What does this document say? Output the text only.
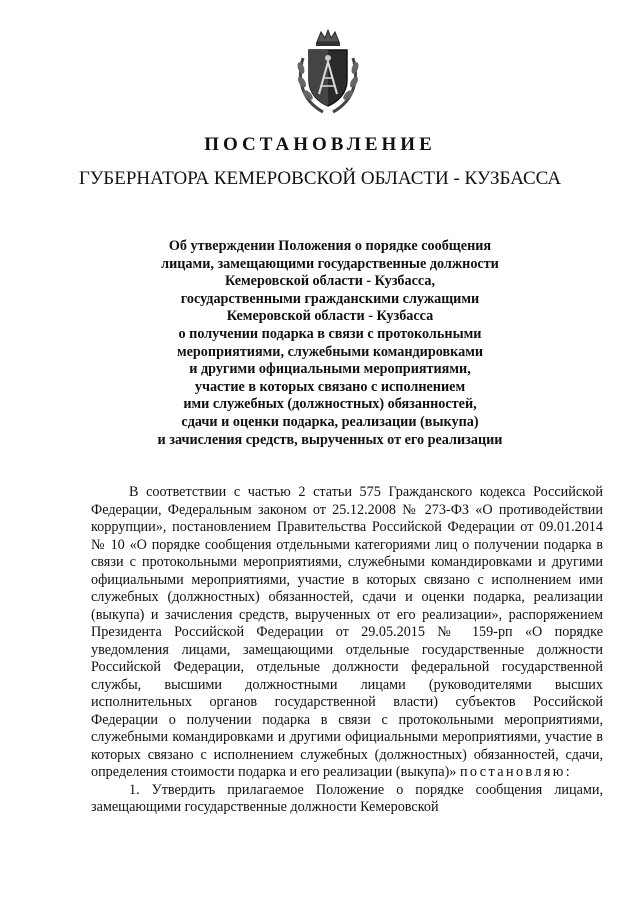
ПОСТАНОВЛЕНИЕ
ГУБЕРНАТОРА КЕМЕРОВСКОЙ ОБЛАСТИ - КУЗБАССА
Об утверждении Положения о порядке сообщения
лицами, замещающими государственные должности
Кемеровской области - Кузбасса,
государственными гражданскими служащими
Кемеровской области - Кузбасса
о получении подарка в связи с протокольными
мероприятиями, служебными командировками
и другими официальными мероприятиями,
участие в которых связано с исполнением
ими служебных (должностных) обязанностей,
сдачи и оценки подарка, реализации (выкупа)
и зачисления средств, вырученных от его реализации

В соответствии с частью 2 статьи 575 Гражданского кодекса Российской Федерации, Федеральным законом от 25.12.2008 № 273-ФЗ «О противодействии коррупции», постановлением Правительства Российской Федерации от 09.01.2014 № 10 «О порядке сообщения отдельными категориями лиц о получении подарка в связи с протокольными мероприятиями, служебными командировками и другими официальными мероприятиями, участие в которых связано с исполнением ими служебных (должностных) обязанностей, сдачи и оценки подарка, реализации (выкупа) и зачисления средств, вырученных от его реализации», распоряжением Президента Российской Федерации от 29.05.2015 № 159-рп «О порядке уведомления лицами, замещающими отдельные государственные должности Российской Федерации, отдельные должности федеральной государственной службы, высшими должностными лицами (руководителями высших исполнительных органов государственной власти) субъектов Российской Федерации о получении подарка в связи с протокольными мероприятиями, служебными командировками и другими официальными мероприятиями, участие в которых связано с исполнением служебных (должностных) обязанностей, сдачи, определения стоимости подарка и его реализации (выкупа)» постановляю:

1. Утвердить прилагаемое Положение о порядке сообщения лицами, замещающими государственные должности Кемеровской
